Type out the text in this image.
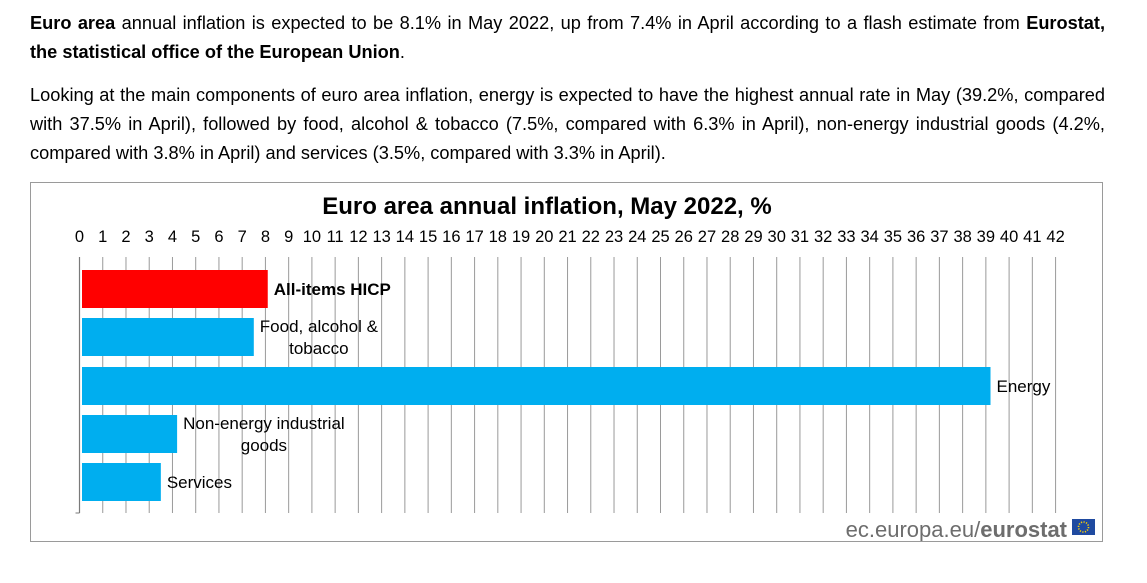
Euro area annual inflation is expected to be 8.1% in May 2022, up from 7.4% in April according to a flash estimate from Eurostat, the statistical office of the European Union.

Looking at the main components of euro area inflation, energy is expected to have the highest annual rate in May (39.2%, compared with 37.5% in April), followed by food, alcohol & tobacco (7.5%, compared with 6.3% in April), non-energy industrial goods (4.2%, compared with 3.8% in April) and services (3.5%, compared with 3.3% in April).

Euro area annual inflation, May 2022, %
0 1 2 3 4 5 6 7 8 9 10 11 12 13 14 15 16 17 18 19 20 21 22 23 24 25 26 27 28 29 30 31 32 33 34 35 36 37 38 39 40 41 42
All-items HICP
Food, alcohol & tobacco
Energy
Non-energy industrial goods
Services
ec.europa.eu/eurostat
